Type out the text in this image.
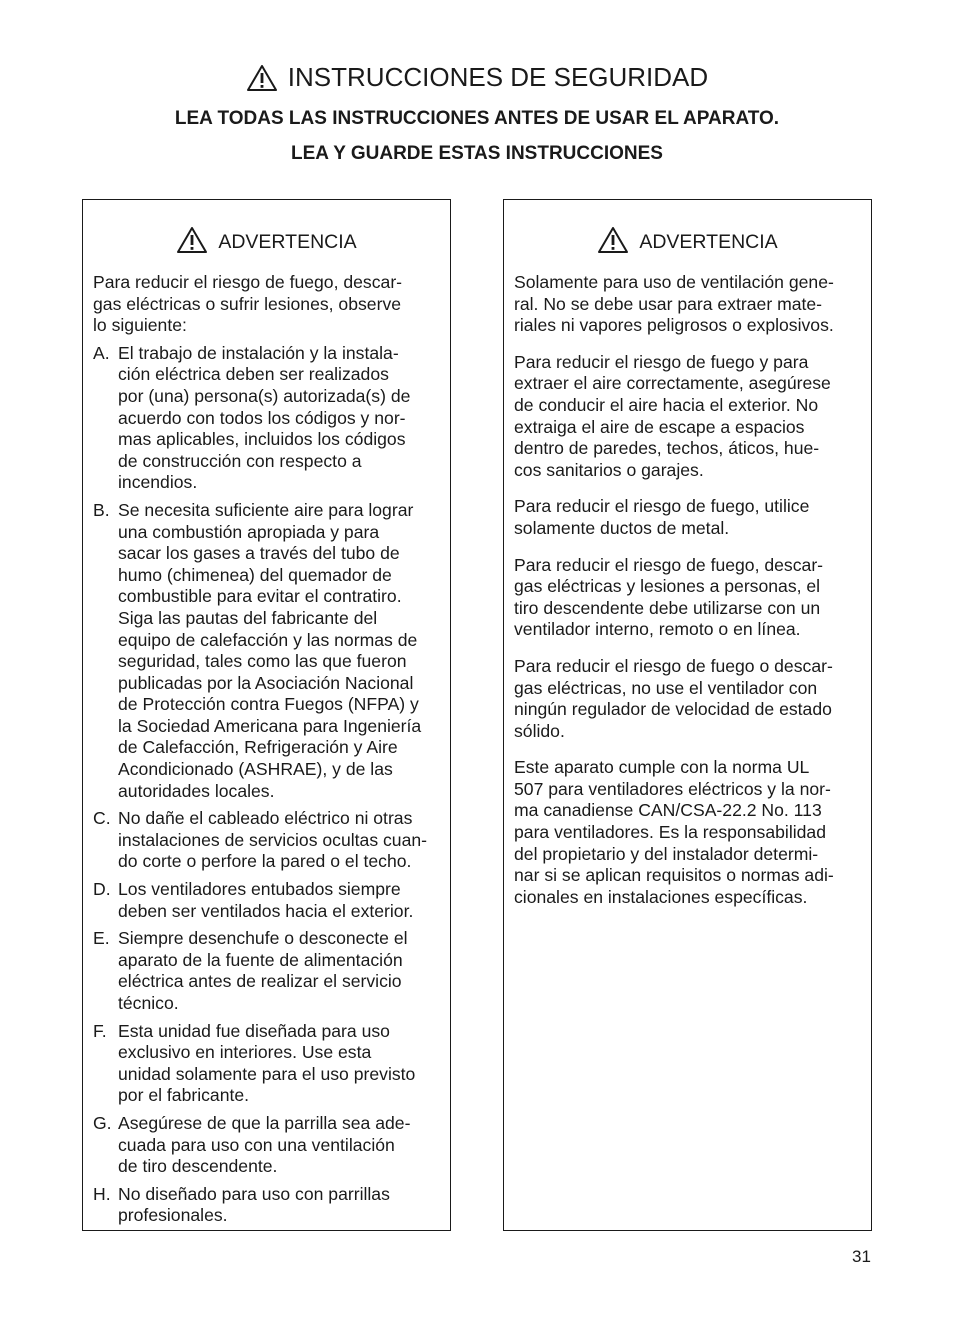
INSTRUCCIONES DE SEGURIDAD
LEA TODAS LAS INSTRUCCIONES ANTES DE USAR EL APARATO.
LEA Y GUARDE ESTAS INSTRUCCIONES
ADVERTENCIA
Para reducir el riesgo de fuego, descar-
gas eléctricas o sufrir lesiones, observe
lo siguiente:
A. El trabajo de instalación y la instala-
ción eléctrica deben ser realizados
por (una) persona(s) autorizada(s) de
acuerdo con todos los códigos y nor-
mas aplicables, incluidos los códigos
de construcción con respecto a
incendios.
B. Se necesita suficiente aire para lograr
una combustión apropiada y para
sacar los gases a través del tubo de
humo (chimenea) del quemador de
combustible para evitar el contratiro.
Siga las pautas del fabricante del
equipo de calefacción y las normas de
seguridad, tales como las que fueron
publicadas por la Asociación Nacional
de Protección contra Fuegos (NFPA) y
la Sociedad Americana para Ingeniería
de Calefacción, Refrigeración y Aire
Acondicionado (ASHRAE), y de las
autoridades locales.
C. No dañe el cableado eléctrico ni otras
instalaciones de servicios ocultas cuan-
do corte o perfore la pared o el techo.
D. Los ventiladores entubados siempre
deben ser ventilados hacia el exterior.
E. Siempre desenchufe o desconecte el
aparato de la fuente de alimentación
eléctrica antes de realizar el servicio
técnico.
F. Esta unidad fue diseñada para uso
exclusivo en interiores. Use esta
unidad solamente para el uso previsto
por el fabricante.
G. Asegúrese de que la parrilla sea ade-
cuada para uso con una ventilación
de tiro descendente.
H. No diseñado para uso con parrillas
profesionales.
ADVERTENCIA
Solamente para uso de ventilación gene-
ral. No se debe usar para extraer mate-
riales ni vapores peligrosos o explosivos.
Para reducir el riesgo de fuego y para
extraer el aire correctamente, asegúrese
de conducir el aire hacia el exterior. No
extraiga el aire de escape a espacios
dentro de paredes, techos, áticos, hue-
cos sanitarios o garajes.
Para reducir el riesgo de fuego, utilice
solamente ductos de metal.
Para reducir el riesgo de fuego, descar-
gas eléctricas y lesiones a personas, el
tiro descendente debe utilizarse con un
ventilador interno, remoto o en línea.
Para reducir el riesgo de fuego o descar-
gas eléctricas, no use el ventilador con
ningún regulador de velocidad de estado
sólido.
Este aparato cumple con la norma UL
507 para ventiladores eléctricos y la nor-
ma canadiense CAN/CSA-22.2 No. 113
para ventiladores. Es la responsabilidad
del propietario y del instalador determi-
nar si se aplican requisitos o normas adi-
cionales en instalaciones específicas.
31
